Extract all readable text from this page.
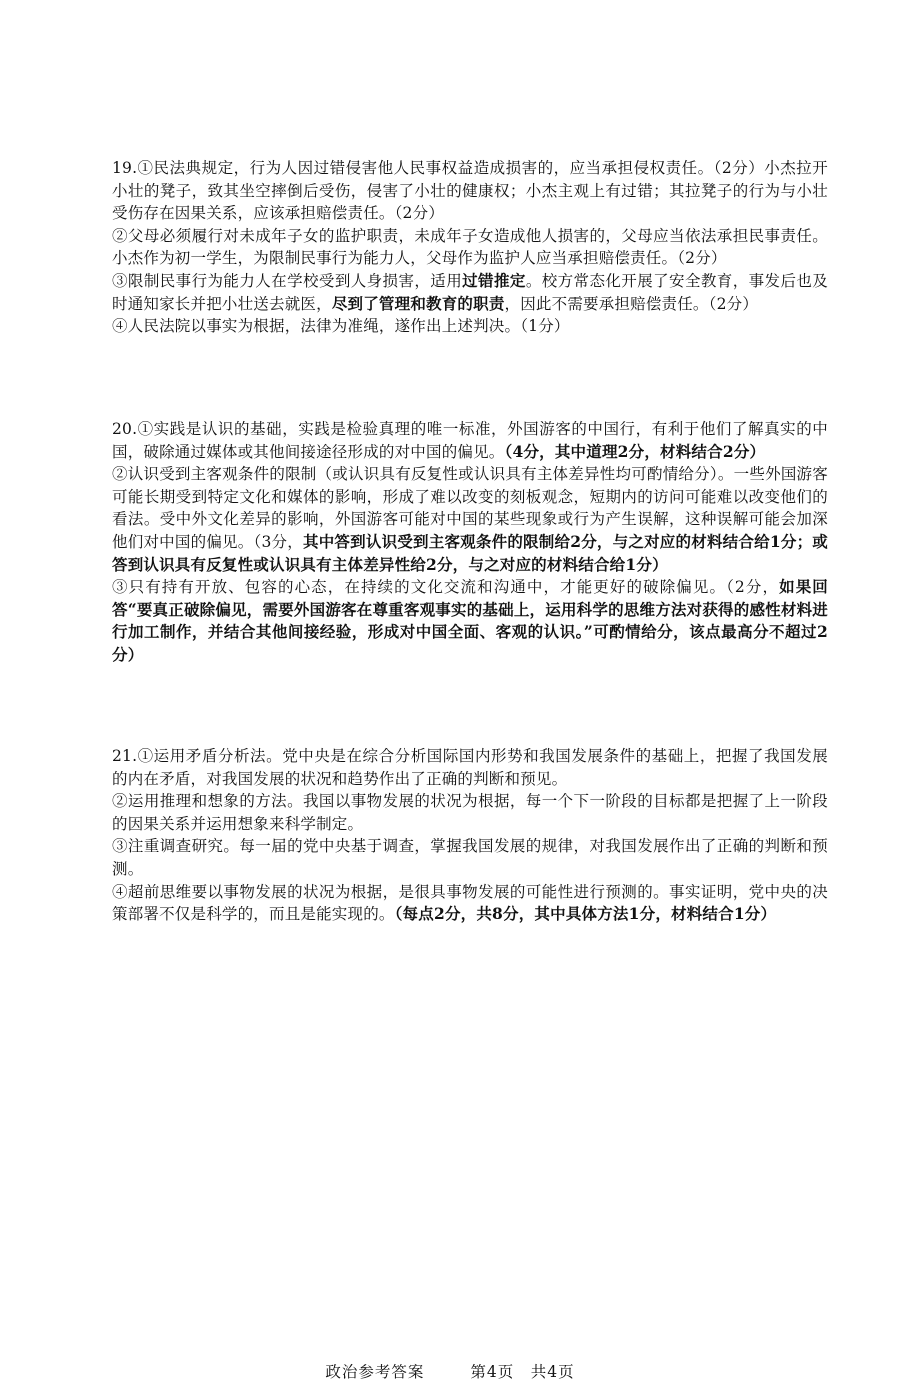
19.①民法典规定，行为人因过错侵害他人民事权益造成损害的，应当承担侵权责任。（2分）小杰拉开小壮的凳子，致其坐空摔倒后受伤，侵害了小壮的健康权；小杰主观上有过错；其拉凳子的行为与小壮受伤存在因果关系，应该承担赔偿责任。（2分）

②父母必须履行对未成年子女的监护职责，未成年子女造成他人损害的，父母应当依法承担民事责任。小杰作为初一学生，为限制民事行为能力人，父母作为监护人应当承担赔偿责任。（2分）

③限制民事行为能力人在学校受到人身损害，适用过错推定。校方常态化开展了安全教育，事发后也及时通知家长并把小壮送去就医，尽到了管理和教育的职责，因此不需要承担赔偿责任。（2分）

④人民法院以事实为根据，法律为准绳，遂作出上述判决。（1分）

20.①实践是认识的基础，实践是检验真理的唯一标准，外国游客的中国行，有利于他们了解真实的中国，破除通过媒体或其他间接途径形成的对中国的偏见。（4分，其中道理2分，材料结合2分）

②认识受到主客观条件的限制（或认识具有反复性或认识具有主体差异性均可酌情给分）。一些外国游客可能长期受到特定文化和媒体的影响，形成了难以改变的刻板观念，短期内的访问可能难以改变他们的看法。受中外文化差异的影响，外国游客可能对中国的某些现象或行为产生误解，这种误解可能会加深他们对中国的偏见。（3分，其中答到认识受到主客观条件的限制给2分，与之对应的材料结合给1分；或答到认识具有反复性或认识具有主体差异性给2分，与之对应的材料结合给1分）

③只有持有开放、包容的心态，在持续的文化交流和沟通中，才能更好的破除偏见。（2分，如果回答“要真正破除偏见，需要外国游客在尊重客观事实的基础上，运用科学的思维方法对获得的感性材料进行加工制作，并结合其他间接经验，形成对中国全面、客观的认识。”可酌情给分，该点最高分不超过2分）

21.①运用矛盾分析法。党中央是在综合分析国际国内形势和我国发展条件的基础上，把握了我国发展的内在矛盾，对我国发展的状况和趋势作出了正确的判断和预见。

②运用推理和想象的方法。我国以事物发展的状况为根据，每一个下一阶段的目标都是把握了上一阶段的因果关系并运用想象来科学制定。

③注重调查研究。每一届的党中央基于调查，掌握我国发展的规律，对我国发展作出了正确的判断和预测。

④超前思维要以事物发展的状况为根据，是很具事物发展的可能性进行预测的。事实证明，党中央的决策部署不仅是科学的，而且是能实现的。（每点2分，共8分，其中具体方法1分，材料结合1分）

政治参考答案	第4页　共4页
